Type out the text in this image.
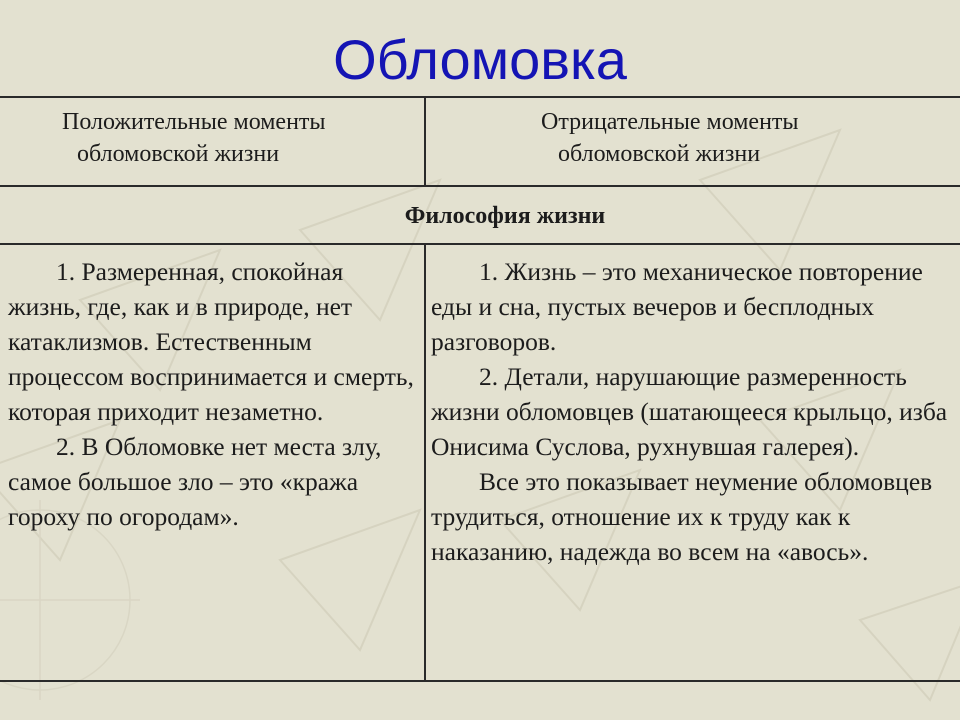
Обломовка
Положительные моменты
обломовской жизни
Отрицательные моменты
обломовской жизни
Философия жизни

1. Размеренная, спокойная жизнь, где, как и в природе, нет катаклизмов. Естественным процессом воспринимается и смерть, которая приходит незаметно.

2. В Обломовке нет места злу, самое большое зло – это «кража гороху по огородам».

1. Жизнь – это механическое повторение еды и сна, пустых вечеров и бесплодных разговоров.

2. Детали, нарушающие размеренность жизни обломовцев (шатающееся крыльцо, изба Онисима Суслова, рухнувшая галерея).

Все это показывает неумение обломовцев трудиться, отношение их к труду как к наказанию, надежда во всем на «авось».
